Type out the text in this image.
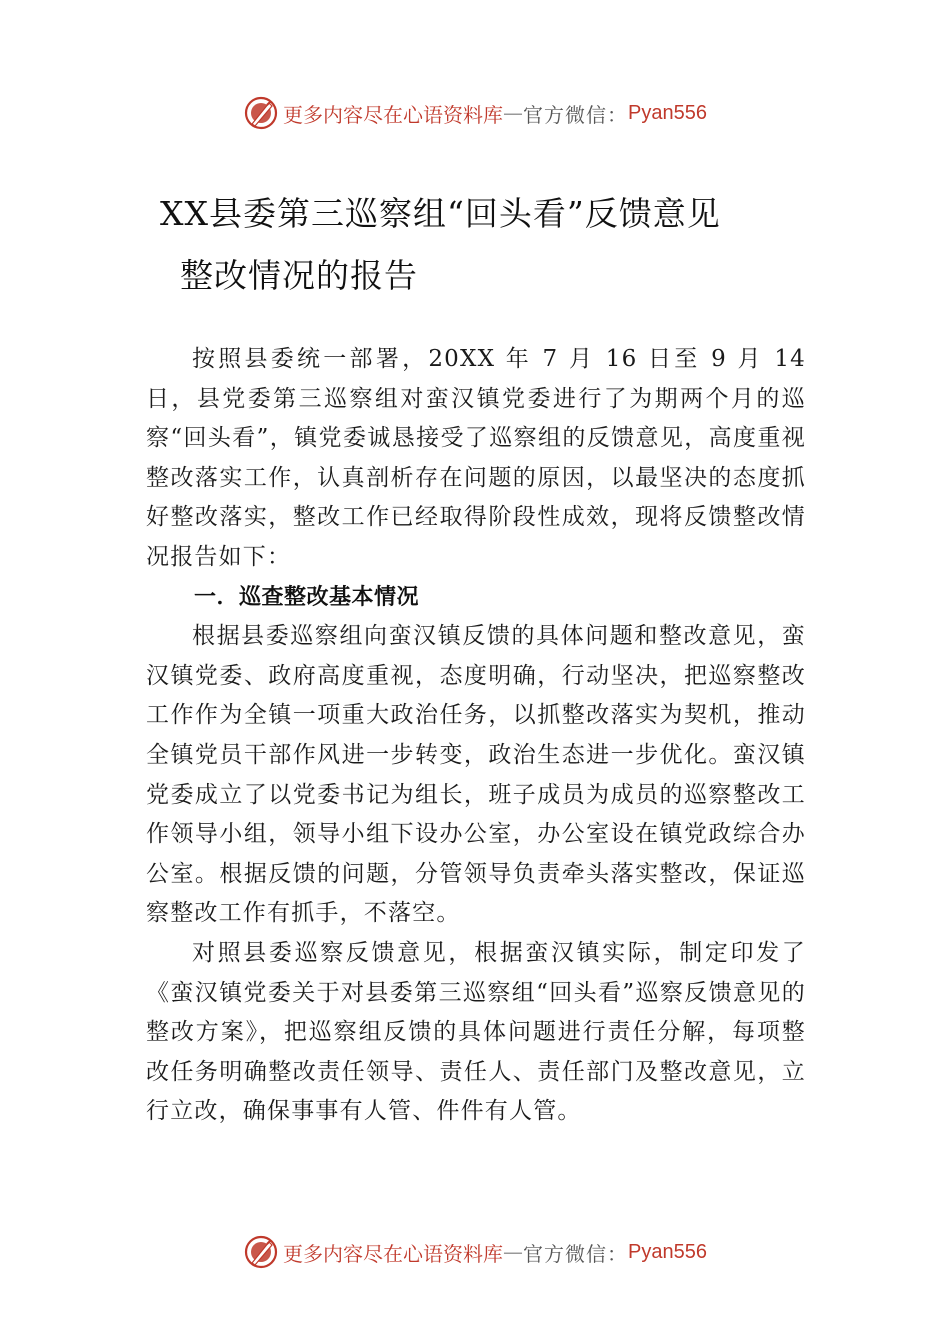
更多内容尽在心语资料库 — 官方微信： Pyan556
XX县委第三巡察组“回头看”反馈意见
整改情况的报告

按照县委统一部署，20XX 年 7 月 16 日至 9 月 14 日，县党委第三巡察组对蛮汉镇党委进行了为期两个月的巡察“回头看”，镇党委诚恳接受了巡察组的反馈意见，高度重视整改落实工作，认真剖析存在问题的原因，以最坚决的态度抓好整改落实，整改工作已经取得阶段性成效，现将反馈整改情况报告如下：

一．巡查整改基本情况

根据县委巡察组向蛮汉镇反馈的具体问题和整改意见，蛮汉镇党委、政府高度重视，态度明确，行动坚决，把巡察整改工作作为全镇一项重大政治任务，以抓整改落实为契机，推动全镇党员干部作风进一步转变，政治生态进一步优化。蛮汉镇党委成立了以党委书记为组长，班子成员为成员的巡察整改工作领导小组，领导小组下设办公室，办公室设在镇党政综合办公室。根据反馈的问题，分管领导负责牵头落实整改，保证巡察整改工作有抓手，不落空。

对照县委巡察反馈意见，根据蛮汉镇实际，制定印发了《蛮汉镇党委关于对县委第三巡察组“回头看”巡察反馈意见的整改方案》，把巡察组反馈的具体问题进行责任分解，每项整改任务明确整改责任领导、责任人、责任部门及整改意见，立行立改，确保事事有人管、件件有人管。

更多内容尽在心语资料库 — 官方微信： Pyan556
